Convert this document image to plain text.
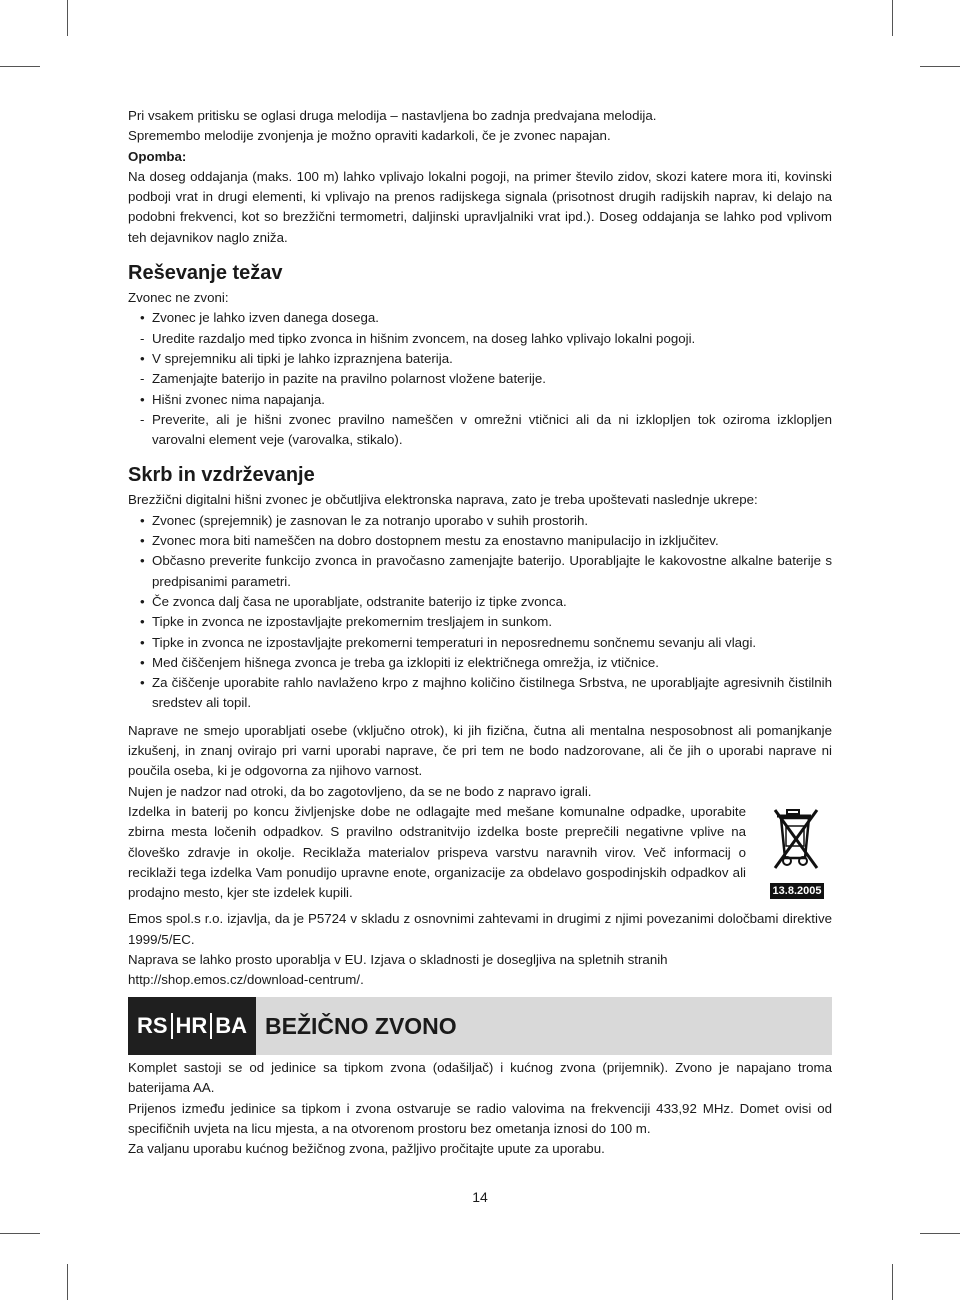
Pri vsakem pritisku se oglasi druga melodija – nastavljena bo zadnja predvajana melodija.

Spremembo melodije zvonjenja je možno opraviti kadarkoli, če je zvonec napajan.

Opomba:

Na doseg oddajanja (maks. 100 m) lahko vplivajo lokalni pogoji, na primer število zidov, skozi katere mora iti, kovinski podboji vrat in drugi elementi, ki vplivajo na prenos radijskega signala (prisotnost drugih radijskih naprav, ki delajo na podobni frekvenci, kot so brezžični termometri, daljinski upravljalniki vrat ipd.). Doseg oddajanja se lahko pod vplivom teh dejavnikov naglo zniža.

Reševanje težav

Zvonec ne zvoni:

• Zvonec je lahko izven danega dosega.
- Uredite razdaljo med tipko zvonca in hišnim zvoncem, na doseg lahko vplivajo lokalni pogoji.
• V sprejemniku ali tipki je lahko izpraznjena baterija.
- Zamenjajte baterijo in pazite na pravilno polarnost vložene baterije.
• Hišni zvonec nima napajanja.
- Preverite, ali je hišni zvonec pravilno nameščen v omrežni vtičnici ali da ni izklopljen tok oziroma izklopljen varovalni element veje (varovalka, stikalo).
Skrb in vzdrževanje

Brezžični digitalni hišni zvonec je občutljiva elektronska naprava, zato je treba upoštevati naslednje ukrepe:

• Zvonec (sprejemnik) je zasnovan le za notranjo uporabo v suhih prostorih.
• Zvonec mora biti nameščen na dobro dostopnem mestu za enostavno manipulacijo in izključitev.
• Občasno preverite funkcijo zvonca in pravočasno zamenjajte baterijo. Uporabljajte le kakovostne alkalne baterije s predpisanimi parametri.
• Če zvonca dalj časa ne uporabljate, odstranite baterijo iz tipke zvonca.
• Tipke in zvonca ne izpostavljajte prekomernim tresljajem in sunkom.
• Tipke in zvonca ne izpostavljajte prekomerni temperaturi in neposrednemu sončnemu sevanju ali vlagi.
• Med čiščenjem hišnega zvonca je treba ga izklopiti iz električnega omrežja, iz vtičnice.
• Za čiščenje uporabite rahlo navlaženo krpo z majhno količino čistilnega Srbstva, ne uporabljajte agresivnih čistilnih sredstev ali topil.

Naprave ne smejo uporabljati osebe (vključno otrok), ki jih fizična, čutna ali mentalna nesposobnost ali pomanjkanje izkušenj, in znanj ovirajo pri varni uporabi naprave, če pri tem ne bodo nadzorovane, ali če jih o uporabi naprave ni poučila oseba, ki je odgovorna za njihovo varnost.

Nujen je nadzor nad otroki, da bo zagotovljeno, da se ne bodo z napravo igrali.

Izdelka in baterij po koncu življenjske dobe ne odlagajte med mešane komunalne odpadke, uporabite zbirna mesta ločenih odpadkov. S pravilno odstranitvijo izdelka boste preprečili negativne vplive na človeško zdravje in okolje. Reciklaža materialov prispeva varstvu naravnih virov. Več informacij o reciklaži tega izdelka Vam ponudijo upravne enote, organizacije za obdelavo gospodinjskih odpadkov ali prodajno mesto, kjer ste izdelek kupili.	13.8.2005

Emos spol.s r.o. izjavlja, da je P5724 v skladu z osnovnimi zahtevami in drugimi z njimi povezanimi določbami direktive 1999/5/EC.

Naprava se lahko prosto uporablja v EU. Izjava o skladnosti je dosegljiva na spletnih stranih

http://shop.emos.cz/download-centrum/.

RS HR BA BEŽIČNO ZVONO

Komplet sastoji se od jedinice sa tipkom zvona (odašiljač) i kućnog zvona (prijemnik). Zvono je napajano troma baterijama AA.

Prijenos između jedinice sa tipkom i zvona ostvaruje se radio valovima na frekvenciji 433,92 MHz. Domet ovisi od specifičnih uvjeta na licu mjesta, a na otvorenom prostoru bez ometanja iznosi do 100 m.

Za valjanu uporabu kućnog bežičnog zvona, pažljivo pročitajte upute za uporabu.

14
